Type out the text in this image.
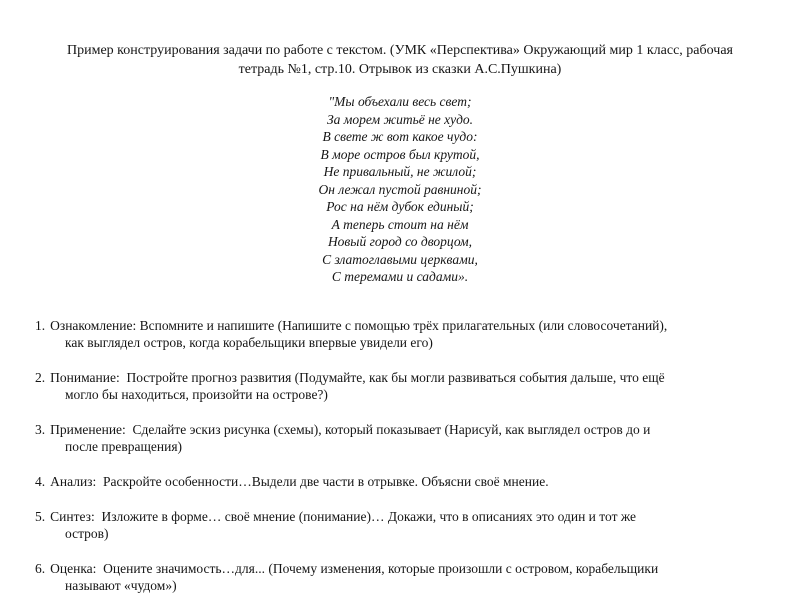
Пример конструирования задачи по работе с текстом. (УМК «Перспектива» Окружающий мир 1 класс, рабочая
тетрадь №1, стр.10. Отрывок из сказки А.С.Пушкина)
"Мы объехали весь свет;
За морем житьё не худо.
В свете ж вот какое чудо:
В море остров был крутой,
Не привальный, не жилой;
Он лежал пустой равниной;
Рос на нём дубок единый;
А теперь стоит на нём
Новый город со дворцом,
С златоглавыми церквами,
С теремами и садами».
1. Ознакомление: Вспомните и напишите (Напишите с помощью трёх прилагательных (или словосочетаний),
как выглядел остров, когда корабельщики впервые увидели его)
2. Понимание:  Постройте прогноз развития (Подумайте, как бы могли развиваться события дальше, что ещё
могло бы находиться, произойти на острове?)
3. Применение:  Сделайте эскиз рисунка (схемы), который показывает (Нарисуй, как выглядел остров до и
после превращения)
4. Анализ:  Раскройте особенности…Выдели две части в отрывке. Объясни своё мнение.
5. Синтез:  Изложите в форме… своё мнение (понимание)… Докажи, что в описаниях это один и тот же
остров)
6. Оценка:  Оцените значимость…для... (Почему изменения, которые произошли с островом, корабельщики
называют «чудом»)
